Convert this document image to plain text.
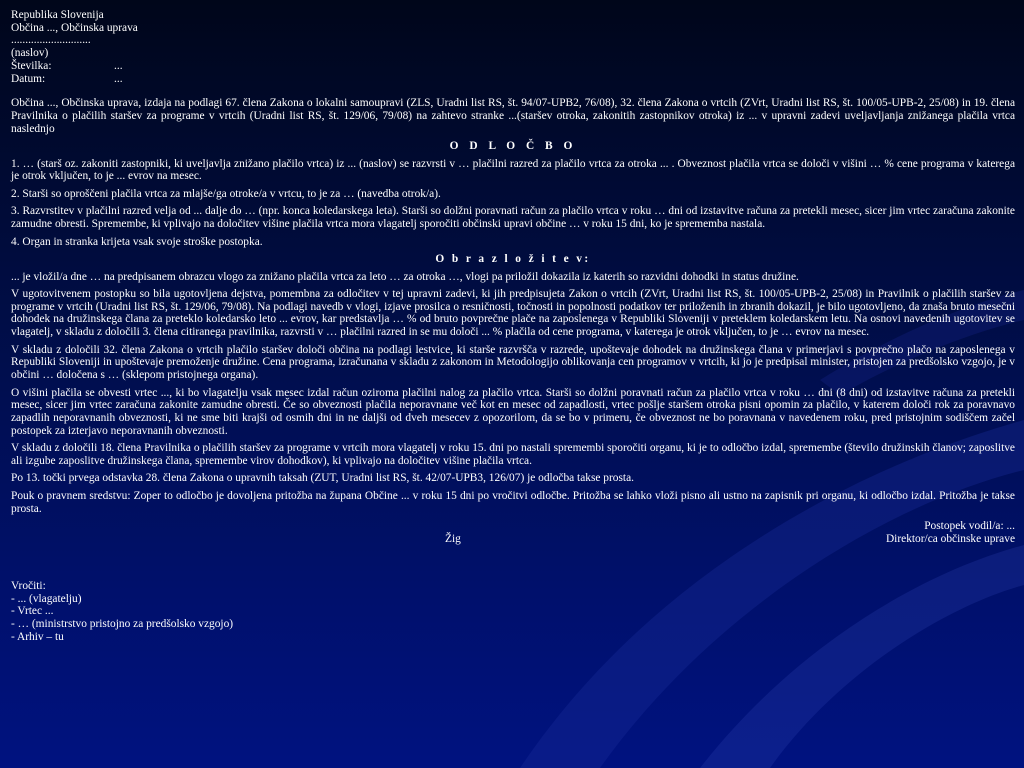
Republika Slovenija
Občina ..., Občinska uprava
............................
(naslov)
Številka:	...
Datum:	...

Občina ..., Občinska uprava, izdaja na podlagi 67. člena Zakona o lokalni samoupravi (ZLS, Uradni list RS, št. 94/07-UPB2, 76/08), 32. člena Zakona o vrtcih (ZVrt, Uradni list RS, št. 100/05-UPB-2, 25/08) in 19. člena Pravilnika o plačilih staršev za programe v vrtcih (Uradni list RS, št. 129/06, 79/08) na zahtevo stranke ...(staršev otroka, zakonitih zastopnikov otroka) iz ... v upravni zadevi uveljavljanja znižanega plačila vrtca naslednjo

O D L O Č B O

1. … (starš oz. zakoniti zastopniki, ki uveljavlja znižano plačilo vrtca) iz ... (naslov) se razvrsti v … plačilni razred za plačilo vrtca za otroka ... . Obveznost plačila vrtca se določi v višini … % cene programa v katerega je otrok vključen, to je ... evrov na mesec.

2. Starši so oproščeni plačila vrtca za mlajše/ga otroke/a v vrtcu, to je za … (navedba otrok/a).

3. Razvrstitev v plačilni razred velja od ... dalje do … (npr. konca koledarskega leta). Starši so dolžni poravnati račun za plačilo vrtca v roku … dni od izstavitve računa za pretekli mesec, sicer jim vrtec zaračuna zakonite zamudne obresti. Spremembe, ki vplivajo na določitev višine plačila vrtca mora vlagatelj sporočiti občinski upravi občine … v roku 15 dni, ko je sprememba nastala.

4. Organ in stranka krijeta vsak svoje stroške postopka.

O b r a z l o ž i t e v:

... je vložil/a dne … na predpisanem obrazcu vlogo za znižano plačila vrtca za leto … za otroka …, vlogi pa priložil dokazila iz katerih so razvidni dohodki in status družine.

V ugotovitvenem postopku so bila ugotovljena dejstva, pomembna za odločitev v tej upravni zadevi, ki jih predpisujeta Zakon o vrtcih (ZVrt, Uradni list RS, št. 100/05-UPB-2, 25/08) in Pravilnik o plačilih staršev za programe v vrtcih (Uradni list RS, št. 129/06, 79/08). Na podlagi navedb v vlogi, izjave prosilca o resničnosti, točnosti in popolnosti podatkov ter priloženih in zbranih dokazil, je bilo ugotovljeno, da znaša bruto mesečni dohodek na družinskega člana za preteklo koledarsko leto ... evrov, kar predstavlja … % od bruto povprečne plače na zaposlenega v Republiki Sloveniji v preteklem koledarskem letu. Na osnovi navedenih ugotovitev se vlagatelj, v skladu z določili 3. člena citiranega pravilnika, razvrsti v … plačilni razred in se mu določi ... % plačila od cene programa, v katerega je otrok vključen, to je … evrov na mesec.

V skladu z določili 32. člena Zakona o vrtcih plačilo staršev določi občina na podlagi lestvice, ki starše razvršča v razrede, upoštevaje dohodek na družinskega člana v primerjavi s povprečno plačo na zaposlenega v Republiki Sloveniji in upoštevaje premoženje družine. Cena programa, izračunana v skladu z zakonom in Metodologijo oblikovanja cen programov v vrtcih, ki jo je predpisal minister, pristojen za predšolsko vzgojo, je v občini … določena s … (sklepom pristojnega organa).

O višini plačila se obvesti vrtec ..., ki bo vlagatelju vsak mesec izdal račun oziroma plačilni nalog za plačilo vrtca. Starši so dolžni poravnati račun za plačilo vrtca v roku … dni (8 dni) od izstavitve računa za pretekli mesec, sicer jim vrtec zaračuna zakonite zamudne obresti. Če so obveznosti plačila neporavnane več kot en mesec od zapadlosti, vrtec pošlje staršem otroka pisni opomin za plačilo, v katerem določi rok za poravnavo zapadlih neporavnanih obveznosti, ki ne sme biti krajši od osmih dni in ne daljši od dveh mesecev z opozorilom, da se bo v primeru, če obveznost ne bo poravnana v navedenem roku, pred pristojnim sodiščem začel postopek za izterjavo neporavnanih obveznosti.

V skladu z določili 18. člena Pravilnika o plačilih staršev za programe v vrtcih mora vlagatelj v roku 15. dni po nastali spremembi sporočiti organu, ki je to odločbo izdal, spremembe (število družinskih članov; zaposlitve ali izgube zaposlitve družinskega člana, spremembe virov dohodkov), ki vplivajo na določitev višine plačila vrtca.

Po 13. točki prvega odstavka 28. člena Zakona o upravnih taksah (ZUT, Uradni list RS, št. 42/07-UPB3, 126/07) je odločba takse prosta.

Pouk o pravnem sredstvu: Zoper to odločbo je dovoljena pritožba na župana Občine ... v roku 15 dni po vročitvi odločbe. Pritožba se lahko vloži pisno ali ustno na zapisnik pri organu, ki odločbo izdal. Pritožba je takse prosta.

Postopek vodil/a: ...
Direktor/ca občinske uprave
Žig
Vročiti:
- ... (vlagatelju)
- Vrtec ...
- … (ministrstvo pristojno za predšolsko vzgojo)
- Arhiv – tu
